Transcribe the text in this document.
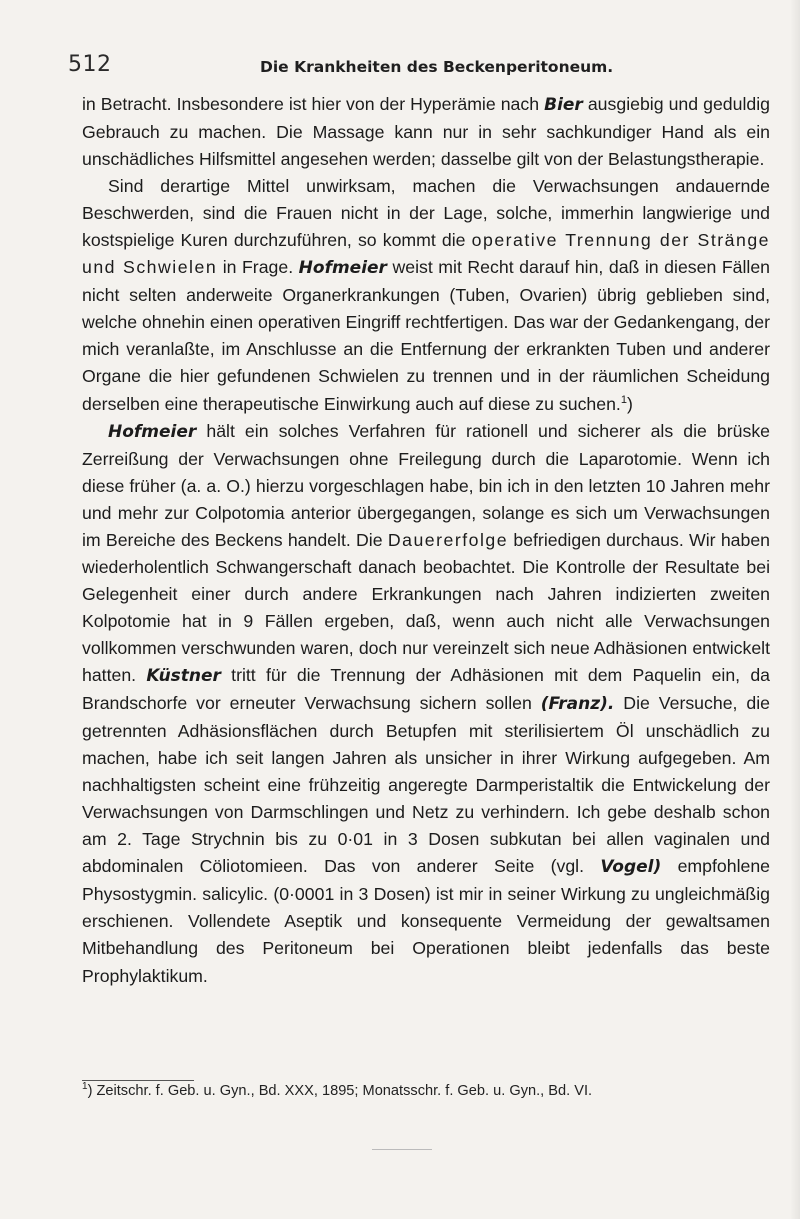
512	Die Krankheiten des Beckenperitoneum.

in Betracht. Insbesondere ist hier von der Hyperämie nach Bier ausgiebig und geduldig Gebrauch zu machen. Die Massage kann nur in sehr sachkundiger Hand als ein unschädliches Hilfsmittel angesehen werden; dasselbe gilt von der Belastungstherapie.

Sind derartige Mittel unwirksam, machen die Verwachsungen andauernde Beschwerden, sind die Frauen nicht in der Lage, solche, immerhin langwierige und kostspielige Kuren durchzuführen, so kommt die operative Trennung der Stränge und Schwielen in Frage. Hofmeier weist mit Recht darauf hin, daß in diesen Fällen nicht selten anderweite Organerkrankungen (Tuben, Ovarien) übrig geblieben sind, welche ohnehin einen operativen Eingriff rechtfertigen. Das war der Gedankengang, der mich veranlaßte, im Anschlusse an die Entfernung der erkrankten Tuben und anderer Organe die hier gefundenen Schwielen zu trennen und in der räumlichen Scheidung derselben eine therapeutische Einwirkung auch auf diese zu suchen.$^1$)

Hofmeier hält ein solches Verfahren für rationell und sicherer als die brüske Zerreißung der Verwachsungen ohne Freilegung durch die Laparotomie. Wenn ich diese früher (a. a. O.) hierzu vorgeschlagen habe, bin ich in den letzten 10 Jahren mehr und mehr zur Colpotomia anterior übergegangen, solange es sich um Verwachsungen im Bereiche des Beckens handelt. Die Dauererfolge befriedigen durchaus. Wir haben wiederholentlich Schwangerschaft danach beobachtet. Die Kontrolle der Resultate bei Gelegenheit einer durch andere Erkrankungen nach Jahren indizierten zweiten Kolpotomie hat in 9 Fällen ergeben, daß, wenn auch nicht alle Verwachsungen vollkommen verschwunden waren, doch nur vereinzelt sich neue Adhäsionen entwickelt hatten. Küstner tritt für die Trennung der Adhäsionen mit dem Paquelin ein, da Brandschorfe vor erneuter Verwachsung sichern sollen (Franz). Die Versuche, die getrennten Adhäsionsflächen durch Betupfen mit sterilisiertem Öl unschädlich zu machen, habe ich seit langen Jahren als unsicher in ihrer Wirkung aufgegeben. Am nachhaltigsten scheint eine frühzeitig angeregte Darmperistaltik die Entwickelung der Verwachsungen von Darmschlingen und Netz zu verhindern. Ich gebe deshalb schon am 2. Tage Strychnin bis zu 0·01 in 3 Dosen subkutan bei allen vaginalen und abdominalen Cöliotomieen. Das von anderer Seite (vgl. Vogel) empfohlene Physostygmin. salicylic. (0·0001 in 3 Dosen) ist mir in seiner Wirkung zu ungleichmäßig erschienen. Vollendete Aseptik und konsequente Vermeidung der gewaltsamen Mitbehandlung des Peritoneum bei Operationen bleibt jedenfalls das beste Prophylaktikum.

$^1$) Zeitschr. f. Geb. u. Gyn., Bd. XXX, 1895; Monatsschr. f. Geb. u. Gyn., Bd. VI.
